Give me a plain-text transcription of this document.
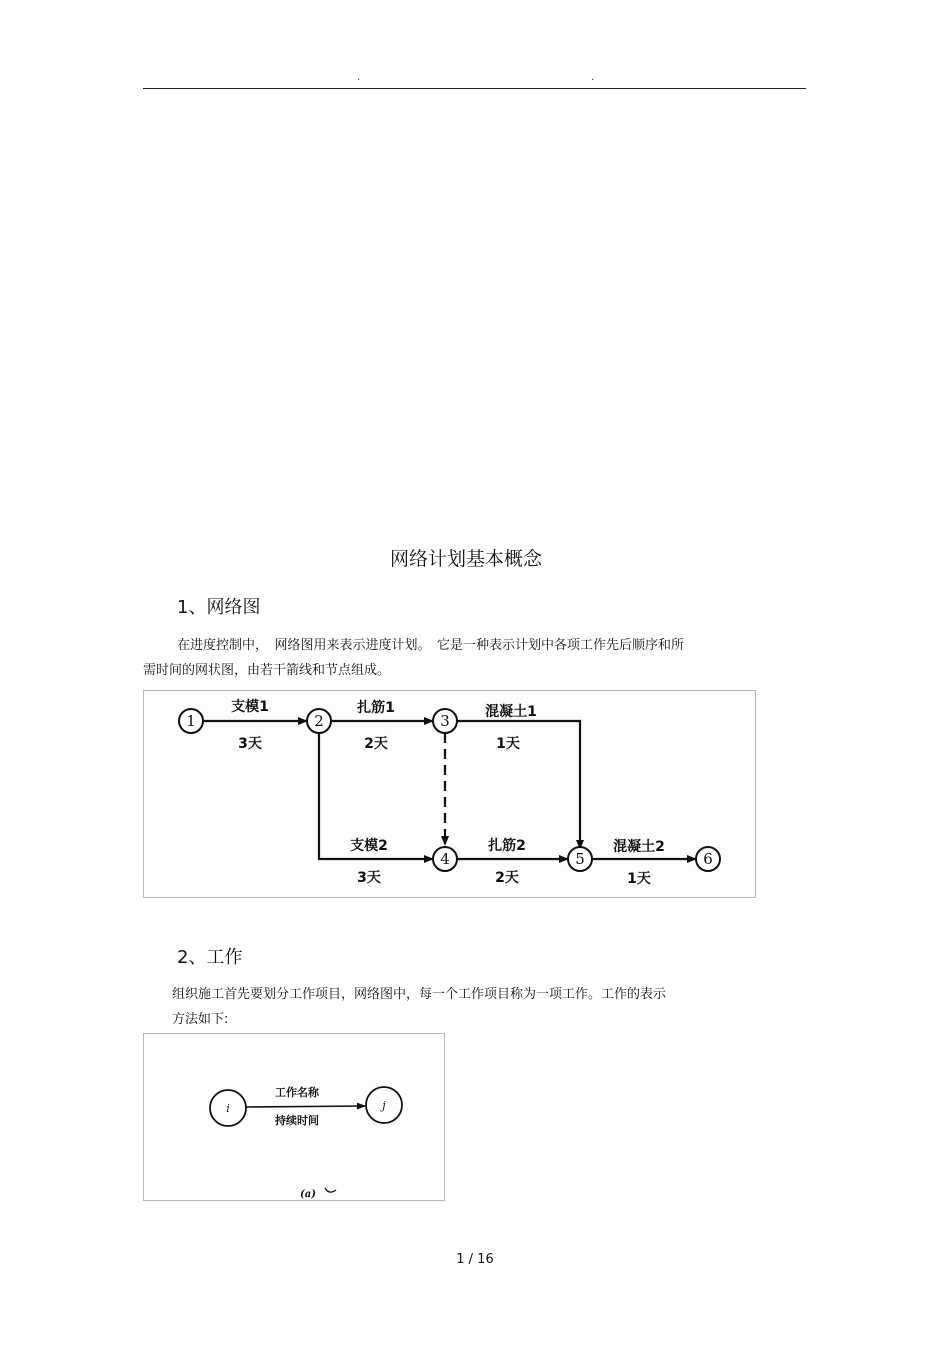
.	.
网络计划基本概念
1、网络图
在进度控制中，　网络图用来表示进度计划。　它是一种表示计划中各项工作先后顺序和所
需时间的网状图，由若干箭线和节点组成。
1	2	3
4	5	6
支模1
3天
扎筋1
2天
混凝土1
1天
支模2
3天
扎筋2
2天
混凝土2
1天
2、工作
组织施工首先要划分工作项目，网络图中，每一个工作项目称为一项工作。工作的表示
方法如下:
i	j
工作名称
持续时间
(a)
1 / 16
